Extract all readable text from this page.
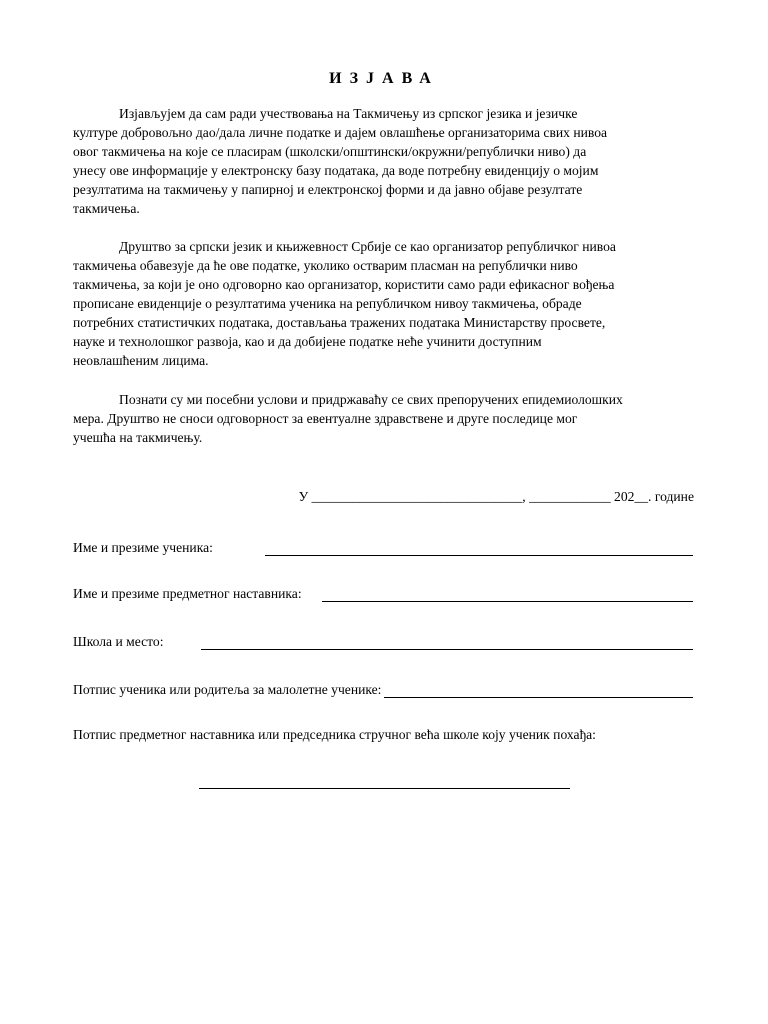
ИЗЈАВА

Изјављујем да сам ради учествовања на Такмичењу из српског језика и језичке
културе добровољно дао/дала личне податке и дајем овлашћење организаторима свих нивоа
овог такмичења на које се пласирам (школски/општински/окружни/републички ниво) да
унесу ове информације у електронску базу података, да воде потребну евиденцију о мојим
резултатима на такмичењу у папирној и електронској форми и да јавно објаве резултате
такмичења.

Друштво за српски језик и књижевност Србије се као организатор републичког нивоа
такмичења обавезује да ће ове податке, уколико остварим пласман на републички ниво
такмичења, за који је оно одговорно као организатор, користити само ради ефикасног вођења
прописане евиденције о резултатима ученика на републичком нивоу такмичења, обраде
потребних статистичких података, достављања тражених података Министарству просвете,
науке и технолошког развоја, као и да добијене податке неће учинити доступним
неовлашћеним лицима.

Познати су ми посебни услови и придржаваћу се свих препоручених епидемиолошких
мера. Друштво не сноси одговорност за евентуалне здравствене и друге последице мог
учешћа на такмичењу.

У _______________________________, ____________ 202__. године
Име и презиме ученика:
Име и презиме предметног наставника:
Школа и место:
Потпис ученика или родитеља за малолетне ученике:
Потпис предметног наставника или председника стручног већа школе коју ученик похађа:
